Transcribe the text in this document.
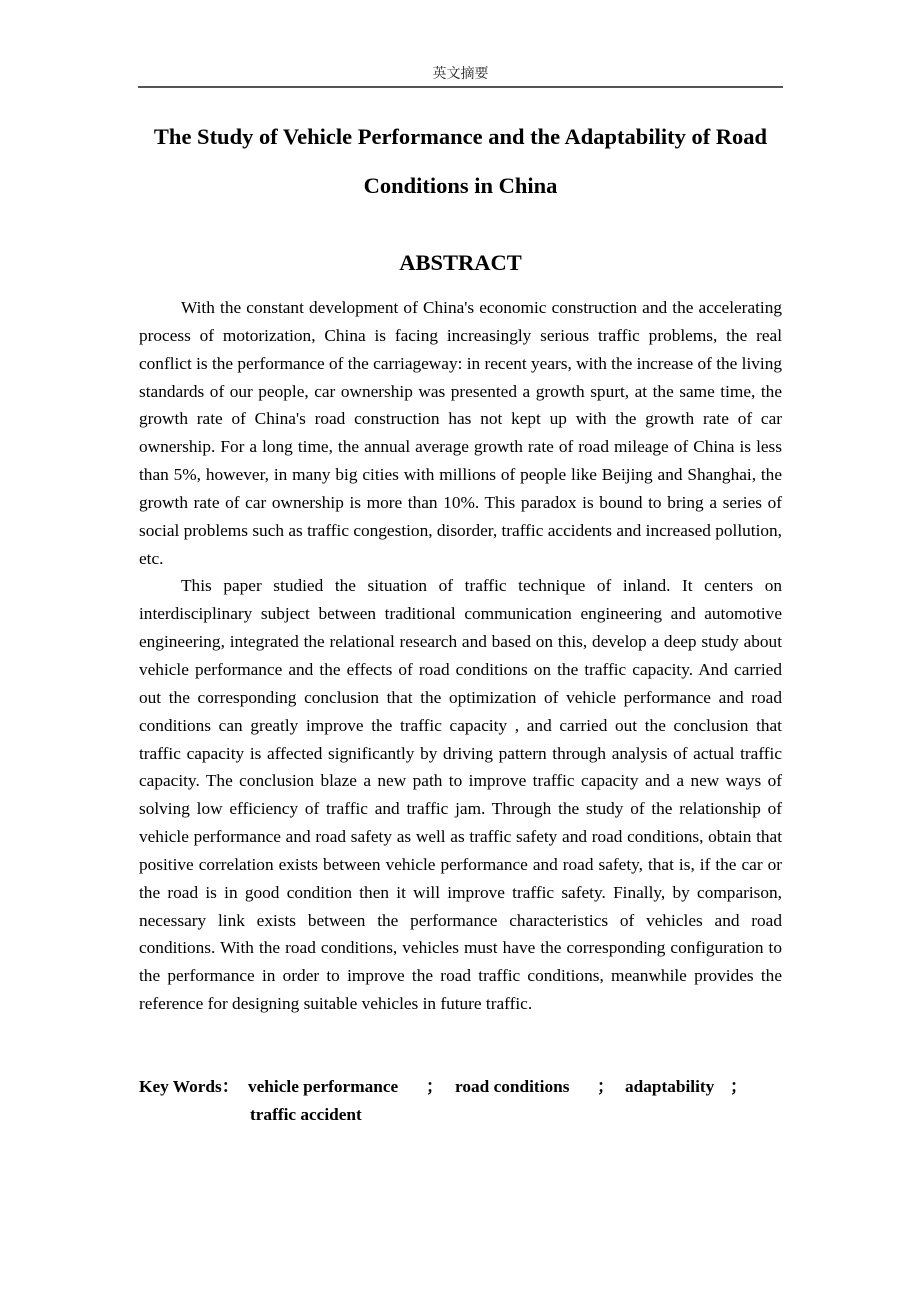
英文摘要
The Study of Vehicle Performance and the Adaptability of Road Conditions in China
ABSTRACT

With the constant development of China's economic construction and the accelerating process of motorization, China is facing increasingly serious traffic problems, the real conflict is the performance of the carriageway: in recent years, with the increase of the living standards of our people, car ownership was presented a growth spurt, at the same time, the growth rate of China's road construction has not kept up with the growth rate of car ownership. For a long time, the annual average growth rate of road mileage of China is less than 5%, however, in many big cities with millions of people like Beijing and Shanghai, the growth rate of car ownership is more than 10%. This paradox is bound to bring a series of social problems such as traffic congestion, disorder, traffic accidents and increased pollution, etc.

This paper studied the situation of traffic technique of inland. It centers on interdisciplinary subject between traditional communication engineering and automotive engineering, integrated the relational research and based on this, develop a deep study about vehicle performance and the effects of road conditions on the traffic capacity. And carried out the corresponding conclusion that the optimization of vehicle performance and road conditions can greatly improve the traffic capacity , and carried out the conclusion that traffic capacity is affected significantly by driving pattern through analysis of actual traffic capacity. The conclusion blaze a new path to improve traffic capacity and a new ways of solving low efficiency of traffic and traffic jam. Through the study of the relationship of vehicle performance and road safety as well as traffic safety and road conditions, obtain that positive correlation exists between vehicle performance and road safety, that is, if the car or the road is in good condition then it will improve traffic safety. Finally, by comparison, necessary link exists between the performance characteristics of vehicles and road conditions. With the road conditions, vehicles must have the corresponding configuration to the performance in order to improve the road traffic conditions, meanwhile provides the reference for designing suitable vehicles in future traffic.

Key Words： vehicle performance ； road conditions ； adaptability ；
traffic accident
